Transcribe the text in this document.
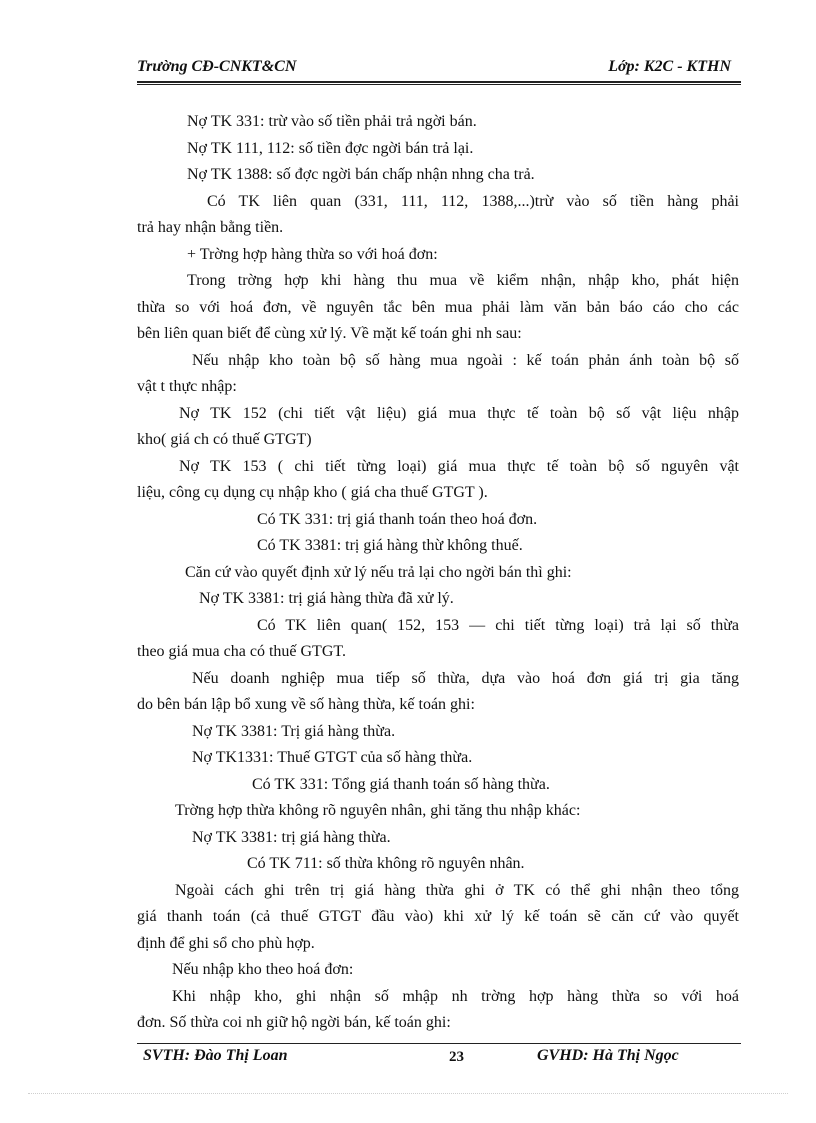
Trường CĐ-CNKT&CN	Lớp: K2C - KTHN
Nợ TK 331: trừ vào số tiền phải trả ngời bán.
Nợ TK 111, 112: số tiền đợc ngời bán trả lại.
Nợ TK 1388: số đợc ngời bán chấp nhận nhng cha trả.
Có TK liên quan (331, 111, 112, 1388,...)trừ vào số tiền hàng phải
trả hay nhận bằng tiền.
+ Trờng hợp hàng thừa so với hoá đơn:
Trong trờng hợp khi hàng thu mua về kiểm nhận, nhập kho, phát hiện
thừa so với hoá đơn, về nguyên tắc bên mua phải làm văn bản báo cáo cho các
bên liên quan biết để cùng xử lý. Về mặt kế toán ghi nh sau:
Nếu nhập kho toàn bộ số hàng mua ngoài : kế toán phản ánh toàn bộ số
vật t thực nhập:
Nợ TK 152 (chi tiết vật liệu) giá mua thực tế toàn bộ số vật liệu nhập
kho( giá ch có thuế GTGT)
Nợ TK 153 ( chi tiết từng loại) giá mua thực tế toàn bộ số nguyên vật
liệu, công cụ dụng cụ nhập kho ( giá cha thuế GTGT ).
Có TK 331: trị giá thanh toán theo hoá đơn.
Có TK 3381: trị giá hàng thừ không thuế.
Căn cứ vào quyết định xử lý nếu trả lại cho ngời bán thì ghi:
Nợ TK 3381: trị giá hàng thừa đã xử lý.
Có TK liên quan( 152, 153 — chi tiết từng loại) trả lại số thừa
theo giá mua cha có thuế GTGT.
Nếu doanh nghiệp mua tiếp số thừa, dựa vào hoá đơn giá trị gia tăng
do bên bán lập bổ xung về số hàng thừa, kế toán ghi:
Nợ TK 3381: Trị giá hàng thừa.
Nợ TK1331: Thuế GTGT của số hàng thừa.
Có TK 331: Tổng giá thanh toán số hàng thừa.
Trờng hợp thừa không rõ nguyên nhân, ghi tăng thu nhập khác:
Nợ TK 3381: trị giá hàng thừa.
Có TK 711: số thừa không rõ nguyên nhân.
Ngoài cách ghi trên trị giá hàng thừa ghi ở TK có thể ghi nhận theo tổng
giá thanh toán (cả thuế GTGT đầu vào) khi xử lý kế toán sẽ căn cứ vào quyết
định để ghi sổ cho phù hợp.
Nếu nhập kho theo hoá đơn:
Khi nhập kho, ghi nhận số mhập nh trờng hợp hàng thừa so với hoá
đơn. Số thừa coi nh giữ hộ ngời bán, kế toán ghi:
SVTH: Đào Thị Loan	23	GVHD: Hà Thị Ngọc
